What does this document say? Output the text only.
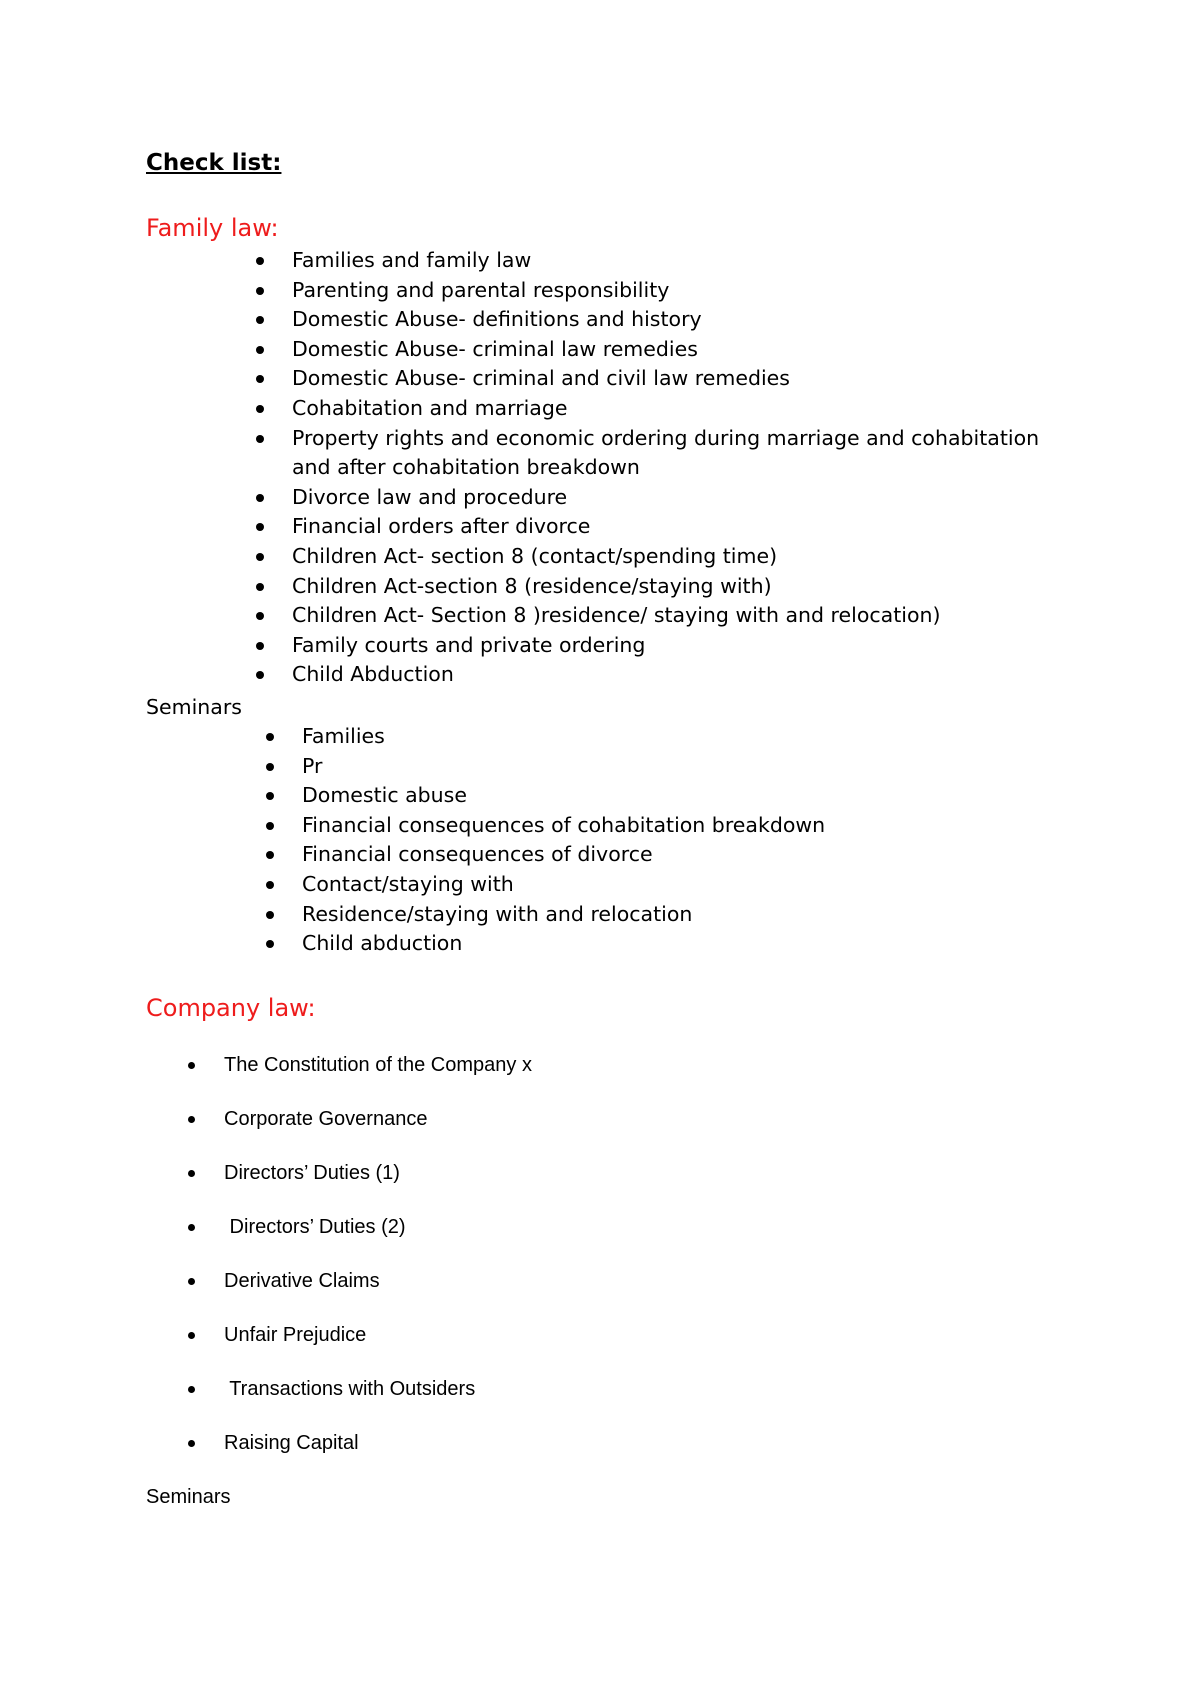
Check list:
Family law:
Families and family law
Parenting and parental responsibility
Domestic Abuse- definitions and history
Domestic Abuse- criminal law remedies
Domestic Abuse- criminal and civil law remedies
Cohabitation and marriage
Property rights and economic ordering during marriage and cohabitation and after cohabitation breakdown
Divorce law and procedure
Financial orders after divorce
Children Act- section 8 (contact/spending time)
Children Act-section 8 (residence/staying with)
Children Act- Section 8 )residence/ staying with and relocation)
Family courts and private ordering
Child Abduction

Seminars

Families
Pr
Domestic abuse
Financial consequences of cohabitation breakdown
Financial consequences of divorce
Contact/staying with
Residence/staying with and relocation
Child abduction
Company law:
The Constitution of the Company x
Corporate Governance
Directors’ Duties (1)
Directors’ Duties (2)
Derivative Claims
Unfair Prejudice
Transactions with Outsiders
Raising Capital

Seminars
